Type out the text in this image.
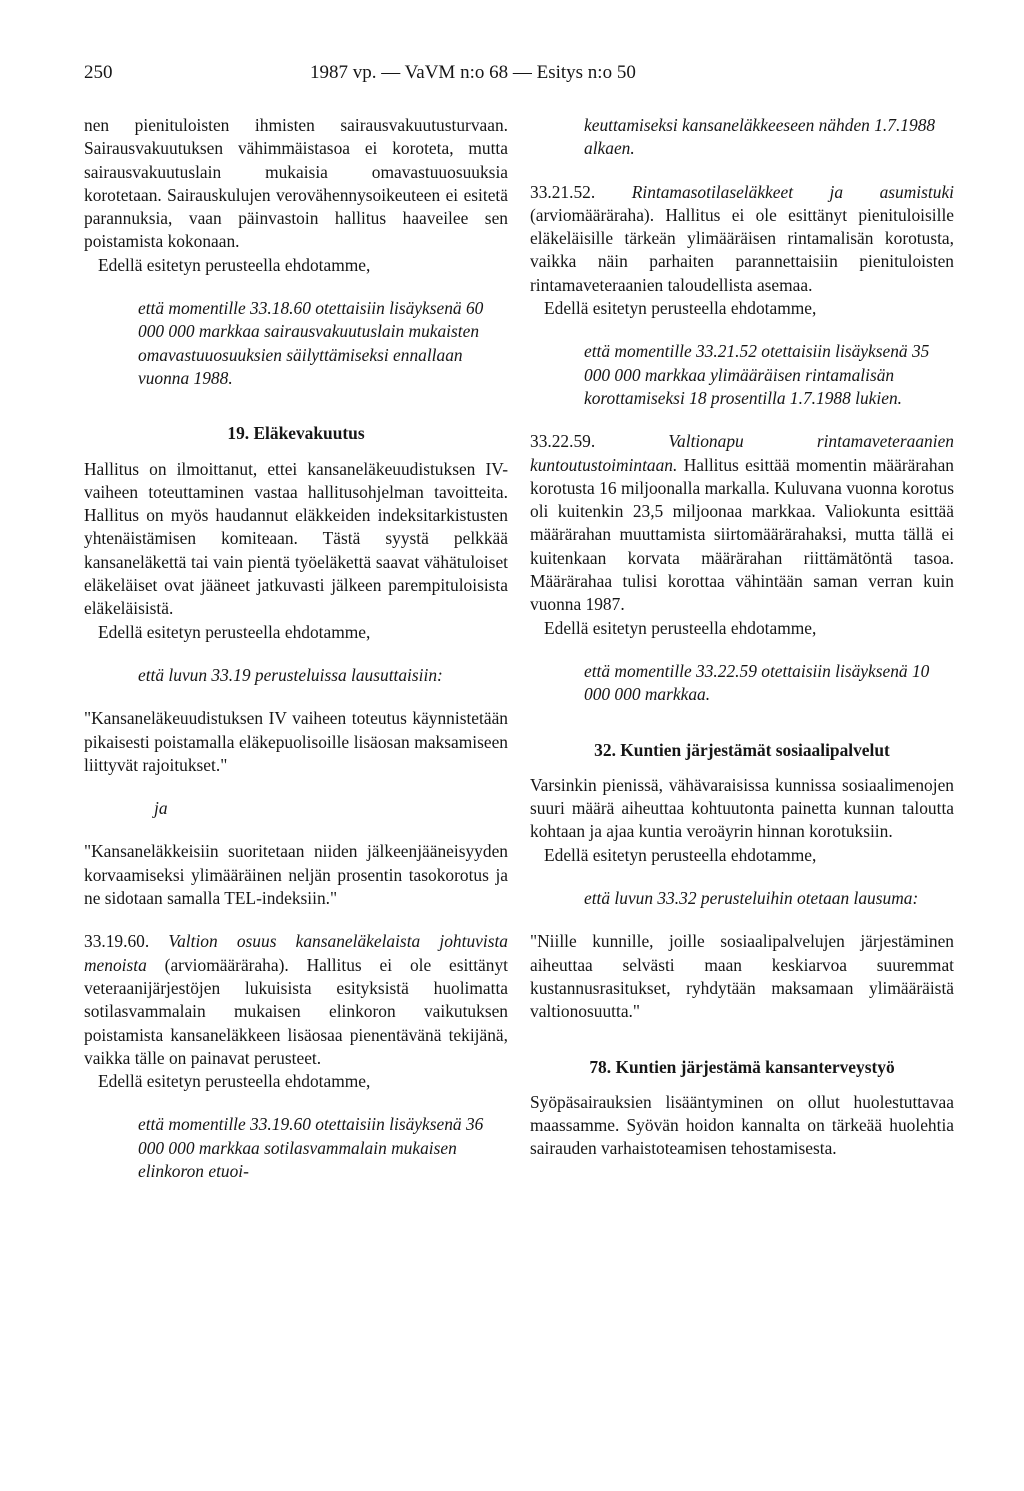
250	1987 vp. — VaVM n:o 68 — Esitys n:o 50

nen pienituloisten ihmisten sairausvakuutusturvaan. Sairausvakuutuksen vähimmäistasoa ei koroteta, mutta sairausvakuutuslain mukaisia omavastuuosuuksia korotetaan. Sairauskulujen verovähennysoikeuteen ei esitetä parannuksia, vaan päinvastoin hallitus haaveilee sen poistamista kokonaan.

Edellä esitetyn perusteella ehdotamme,

että momentille 33.18.60 otettaisiin lisäyksenä 60 000 000 markkaa sairausvakuutuslain mukaisten omavastuuosuuksien säilyttämiseksi ennallaan vuonna 1988.

19. Eläkevakuutus

Hallitus on ilmoittanut, ettei kansaneläkeuudistuksen IV-vaiheen toteuttaminen vastaa hallitusohjelman tavoitteita. Hallitus on myös haudannut eläkkeiden indeksitarkistusten yhtenäistämisen komiteaan. Tästä syystä pelkkää kansaneläkettä tai vain pientä työeläkettä saavat vähätuloiset eläkeläiset ovat jääneet jatkuvasti jälkeen parempituloisista eläkeläisistä.

Edellä esitetyn perusteella ehdotamme,

että luvun 33.19 perusteluissa lausuttaisiin:

"Kansaneläkeuudistuksen IV vaiheen toteutus käynnistetään pikaisesti poistamalla eläkepuolisoille lisäosan maksamiseen liittyvät rajoitukset."

ja

"Kansaneläkkeisiin suoritetaan niiden jälkeenjääneisyyden korvaamiseksi ylimääräinen neljän prosentin tasokorotus ja ne sidotaan samalla TEL-indeksiin."

33.19.60. Valtion osuus kansaneläkelaista johtuvista menoista (arviomääräraha). Hallitus ei ole esittänyt veteraanijärjestöjen lukuisista esityksistä huolimatta sotilasvammalain mukaisen elinkoron vaikutuksen poistamista kansaneläkkeen lisäosaa pienentävänä tekijänä, vaikka tälle on painavat perusteet.

Edellä esitetyn perusteella ehdotamme,

että momentille 33.19.60 otettaisiin lisäyksenä 36 000 000 markkaa sotilasvammalain mukaisen elinkoron etuoi-

keuttamiseksi kansaneläkkeeseen nähden 1.7.1988 alkaen.

33.21.52. Rintamasotilaseläkkeet ja asumistuki (arviomääräraha). Hallitus ei ole esittänyt pienituloisille eläkeläisille tärkeän ylimääräisen rintamalisän korotusta, vaikka näin parhaiten parannettaisiin pienituloisten rintamaveteraanien taloudellista asemaa.

Edellä esitetyn perusteella ehdotamme,

että momentille 33.21.52 otettaisiin lisäyksenä 35 000 000 markkaa ylimääräisen rintamalisän korottamiseksi 18 prosentilla 1.7.1988 lukien.

33.22.59.	Valtionapu rintamaveteraanien kuntoutustoimintaan. Hallitus esittää momentin määrärahan korotusta 16 miljoonalla markalla. Kuluvana vuonna korotus oli kuitenkin 23,5 miljoonaa markkaa. Valiokunta esittää määrärahan muuttamista siirtomäärärahaksi, mutta tällä ei kuitenkaan korvata määrärahan riittämätöntä tasoa. Määrärahaa tulisi korottaa vähintään saman verran kuin vuonna 1987.

Edellä esitetyn perusteella ehdotamme,

että momentille 33.22.59 otettaisiin lisäyksenä 10 000 000 markkaa.

32. Kuntien järjestämät sosiaalipalvelut

Varsinkin pienissä, vähävaraisissa kunnissa sosiaalimenojen suuri määrä aiheuttaa kohtuutonta painetta kunnan taloutta kohtaan ja ajaa kuntia veroäyrin hinnan korotuksiin.

Edellä esitetyn perusteella ehdotamme,

että luvun 33.32 perusteluihin otetaan lausuma:

"Niille kunnille, joille sosiaalipalvelujen järjestäminen aiheuttaa selvästi maan keskiarvoa suuremmat kustannusrasitukset, ryhdytään maksamaan ylimääräistä valtionosuutta."

78. Kuntien järjestämä kansanterveystyö

Syöpäsairauksien lisääntyminen on ollut huolestuttavaa maassamme. Syövän hoidon kannalta on tärkeää huolehtia sairauden varhaistoteamisen tehostamisesta.
